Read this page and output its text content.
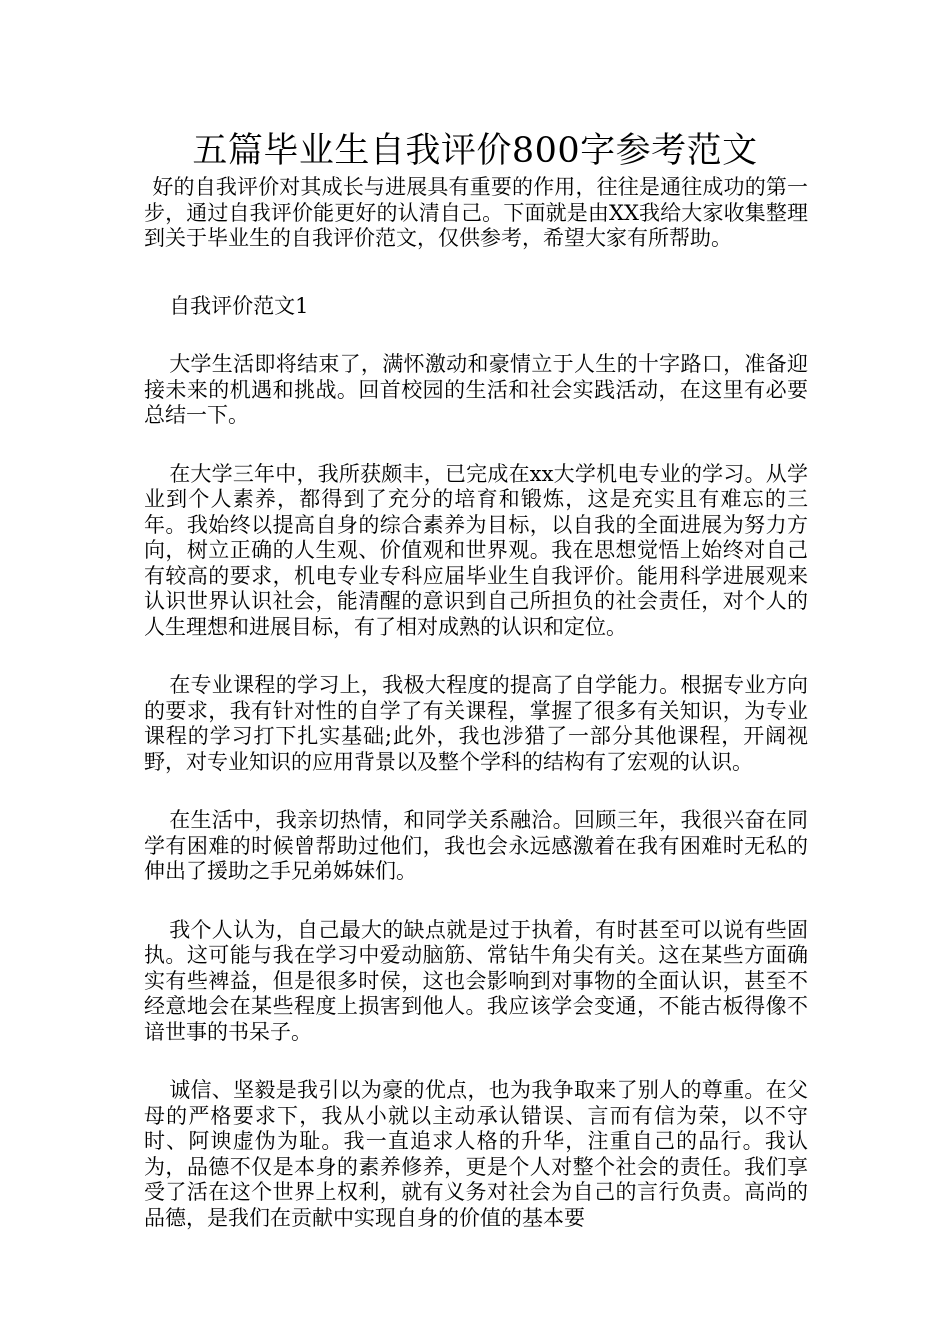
五篇毕业生自我评价800字参考范文

好的自我评价对其成长与进展具有重要的作用，往往是通往成功的第一步，通过自我评价能更好的认清自己。下面就是由XX我给大家收集整理到关于毕业生的自我评价范文，仅供参考，希望大家有所帮助。

自我评价范文1

大学生活即将结束了，满怀激动和豪情立于人生的十字路口，准备迎接未来的机遇和挑战。回首校园的生活和社会实践活动，在这里有必要总结一下。

在大学三年中，我所获颇丰，已完成在xx大学机电专业的学习。从学业到个人素养，都得到了充分的培育和锻炼，这是充实且有难忘的三年。我始终以提高自身的综合素养为目标，以自我的全面进展为努力方向，树立正确的人生观、价值观和世界观。我在思想觉悟上始终对自己有较高的要求，机电专业专科应届毕业生自我评价。能用科学进展观来认识世界认识社会，能清醒的意识到自己所担负的社会责任，对个人的人生理想和进展目标，有了相对成熟的认识和定位。

在专业课程的学习上，我极大程度的提高了自学能力。根据专业方向的要求，我有针对性的自学了有关课程，掌握了很多有关知识，为专业课程的学习打下扎实基础;此外，我也涉猎了一部分其他课程，开阔视野，对专业知识的应用背景以及整个学科的结构有了宏观的认识。

在生活中，我亲切热情，和同学关系融洽。回顾三年，我很兴奋在同学有困难的时候曾帮助过他们，我也会永远感激着在我有困难时无私的伸出了援助之手兄弟姊妹们。

我个人认为，自己最大的缺点就是过于执着，有时甚至可以说有些固执。这可能与我在学习中爱动脑筋、常钻牛角尖有关。这在某些方面确实有些裨益，但是很多时侯，这也会影响到对事物的全面认识，甚至不经意地会在某些程度上损害到他人。我应该学会变通，不能古板得像不谙世事的书呆子。

诚信、坚毅是我引以为豪的优点，也为我争取来了别人的尊重。在父母的严格要求下，我从小就以主动承认错误、言而有信为荣，以不守时、阿谀虚伪为耻。我一直追求人格的升华，注重自己的品行。我认为，品德不仅是本身的素养修养，更是个人对整个社会的责任。我们享受了活在这个世界上权利，就有义务对社会为自己的言行负责。高尚的品德，是我们在贡献中实现自身的价值的基本要
